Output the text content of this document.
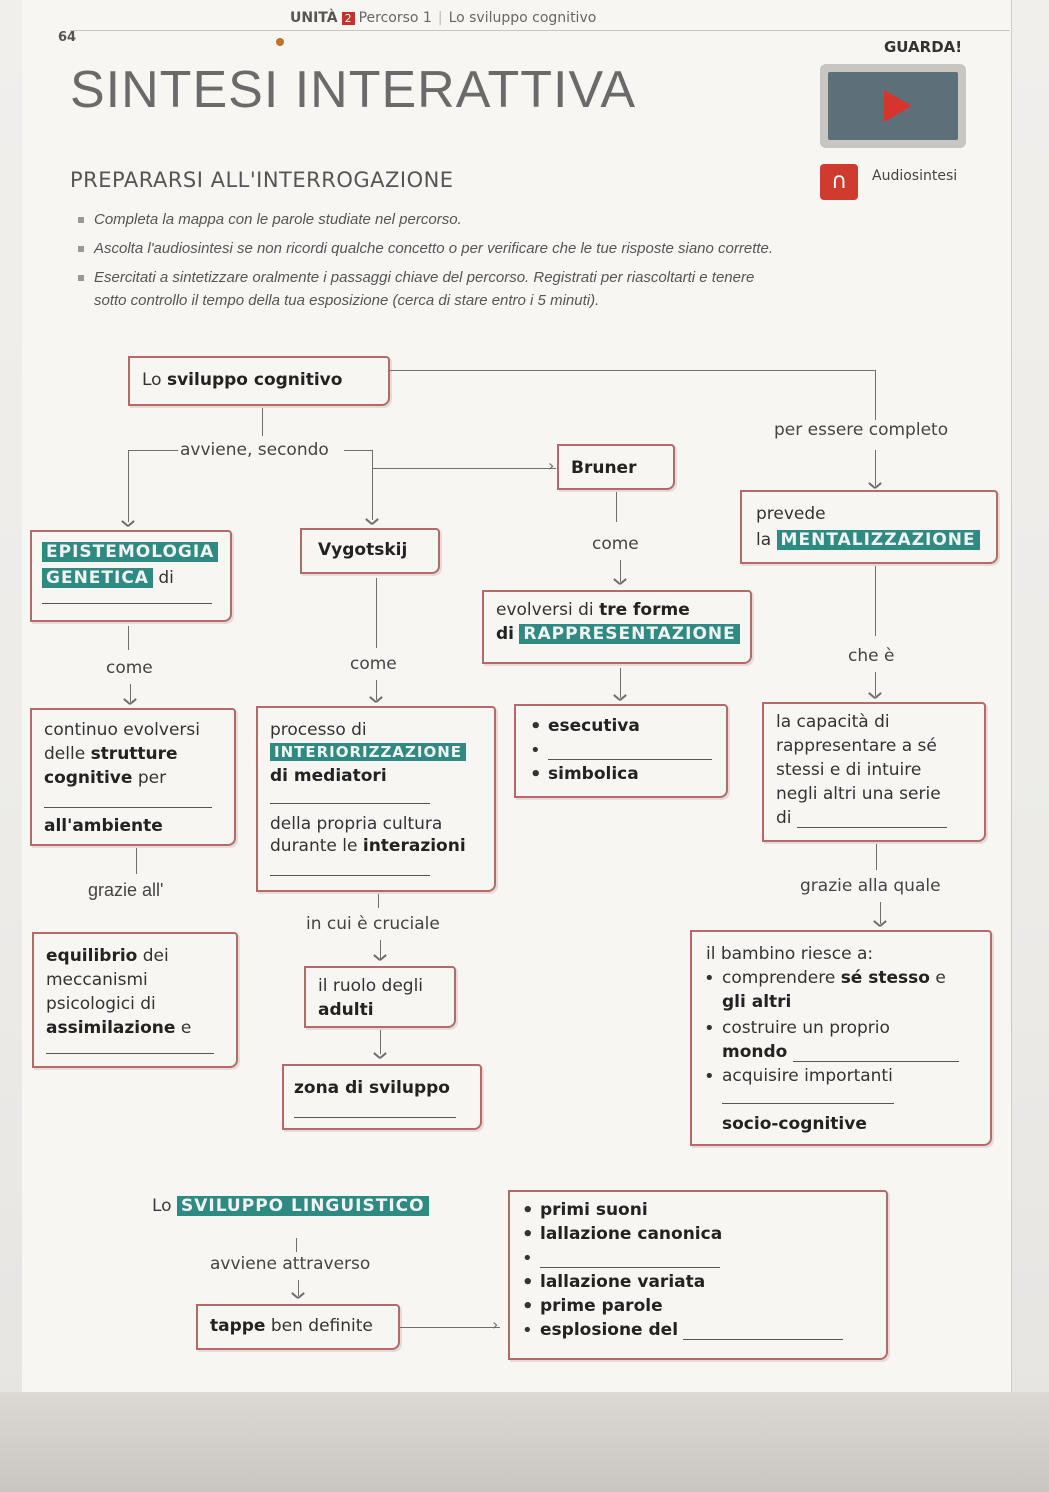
64
UNITÀ 2 Percorso 1 | Lo sviluppo cognitivo
SINTESI INTERATTIVA
GUARDA!
∩	Audiosintesi
PREPARARSI ALL'INTERROGAZIONE
Completa la mappa con le parole studiate nel percorso.
Ascolta l'audiosintesi se non ricordi qualche concetto o per verificare che le tue risposte siano corrette.
Esercitati a sintetizzare oralmente i passaggi chiave del percorso. Registrati per riascoltarti e tenere sotto controllo il tempo della tua esposizione (cerca di stare entro i 5 minuti).
Lo sviluppo cognitivo
per essere completo
avviene, secondo
› Bruner
prevede
la MENTALIZZAZIONE
EPISTEMOLOGIA
GENETICA di
Vygotskij	come
evolversi di tre forme
di RAPPRESENTAZIONE
che è
come	come
continuo evolversi
delle strutture
cognitive per
all'ambiente
processo di
INTERIORIZZAZIONE
di mediatori
della propria cultura
durante le interazioni
• esecutiva
•
• simbolica
la capacità di
rappresentare a sé
stessi e di intuire
negli altri una serie
di
grazie all'	grazie alla quale
in cui è cruciale
equilibrio dei
meccanismi
psicologici di
assimilazione e
il ruolo degli
adulti
zona di sviluppo
il bambino riesce a:
• comprendere sé stesso e
gli altri
• costruire un proprio
mondo
• acquisire importanti
socio-cognitive
Lo SVILUPPO LINGUISTICO
avviene attraverso
tappe ben definite	›
• primi suoni
• lallazione canonica
•
• lallazione variata
• prime parole
• esplosione del
